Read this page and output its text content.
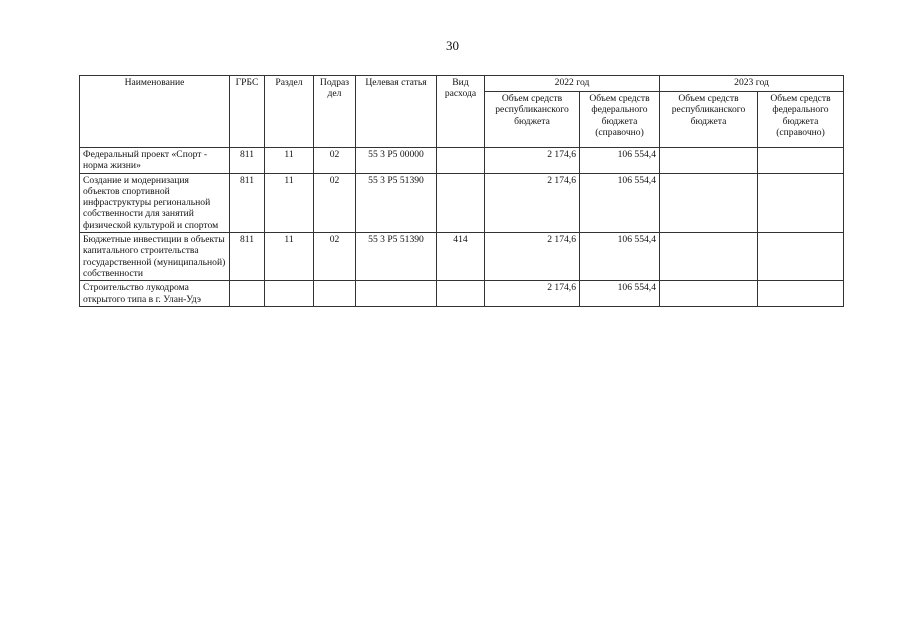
30
Наименование	ГРБС	Раздел	Подраз дел	Целевая статья	Вид расхода	2022 год		2023 год	
						Объем средств республиканского бюджета	Объем средств федерального бюджета (справочно)	Объем средств республиканского бюджета	Объем средств федерального бюджета (справочно)
Федеральный проект «Спорт - норма жизни»	811	11	02	55 3 Р5 00000		2 174,6	106 554,4		
Создание и модернизация объектов спортивной инфраструктуры региональной собственности для занятий физической культурой и спортом	811	11	02	55 3 Р5 51390		2 174,6	106 554,4		
Бюджетные инвестиции в объекты капитального строительства государственной (муниципальной) собственности	811	11	02	55 3 Р5 51390	414	2 174,6	106 554,4		
Строительство лукодрома открытого типа в г. Улан-Удэ						2 174,6	106 554,4		
